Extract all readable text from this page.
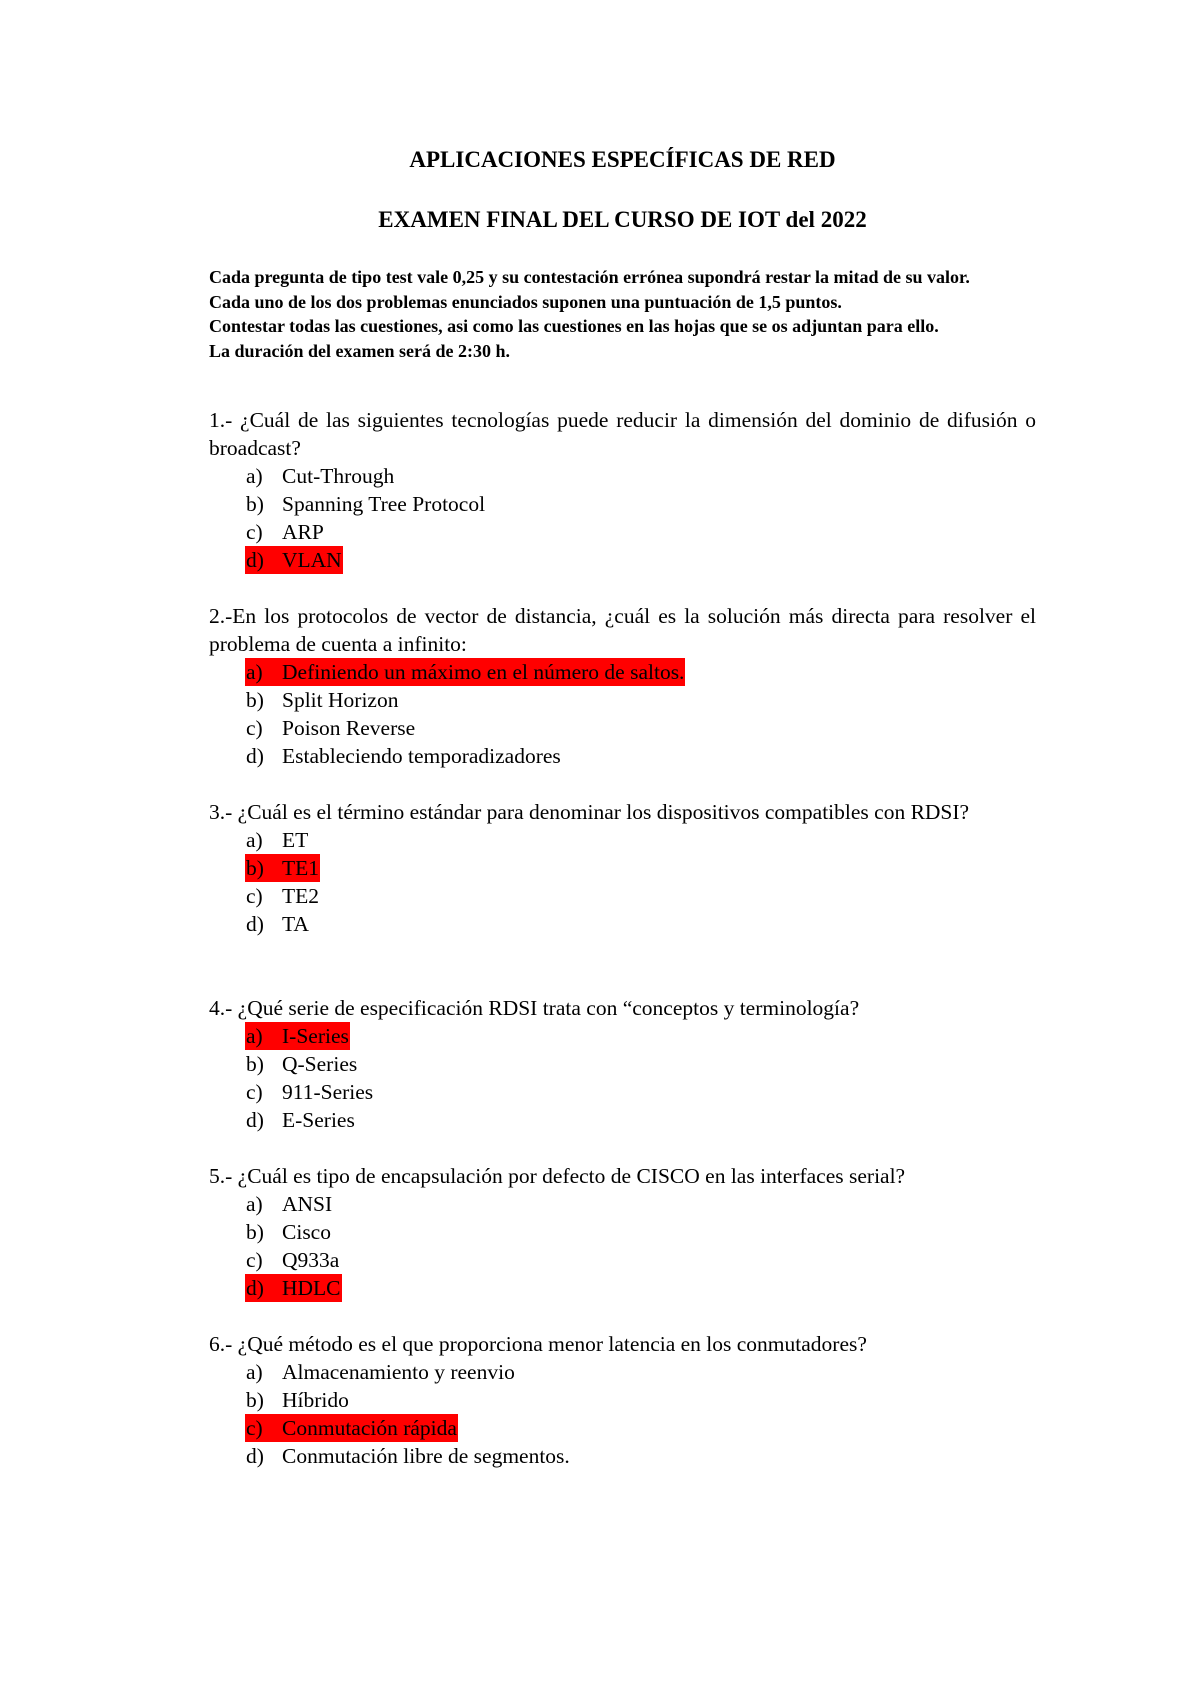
APLICACIONES ESPECÍFICAS DE RED
EXAMEN FINAL DEL CURSO DE IOT del 2022

Cada pregunta de tipo test vale 0,25 y su contestación errónea supondrá restar la mitad de su valor.

Cada uno de los dos problemas enunciados suponen una puntuación de 1,5 puntos.

Contestar todas las cuestiones, asi como las cuestiones en las hojas que se os adjuntan para ello.

La duración del examen será de 2:30 h.

1.- ¿Cuál de las siguientes tecnologías puede reducir la dimensión del dominio de difusión o broadcast?

a) Cut-Through
b) Spanning Tree Protocol
c) ARP
d) VLAN

2.-En los protocolos de vector de distancia, ¿cuál es la solución más directa para resolver el problema de cuenta a infinito:

a) Definiendo un máximo en el número de saltos.
b) Split Horizon
c) Poison Reverse
d) Estableciendo temporadizadores

3.- ¿Cuál es el término estándar para denominar los dispositivos compatibles con RDSI?

a) ET
b) TE1
c) TE2
d) TA

4.- ¿Qué serie de especificación RDSI trata con “conceptos y terminología?

a) I-Series
b) Q-Series
c) 911-Series
d) E-Series

5.- ¿Cuál es tipo de encapsulación por defecto de CISCO en las interfaces serial?

a) ANSI
b) Cisco
c) Q933a
d) HDLC

6.- ¿Qué método es el que proporciona menor latencia en los conmutadores?

a) Almacenamiento y reenvio
b) Híbrido
c) Conmutación rápida
d) Conmutación libre de segmentos.
